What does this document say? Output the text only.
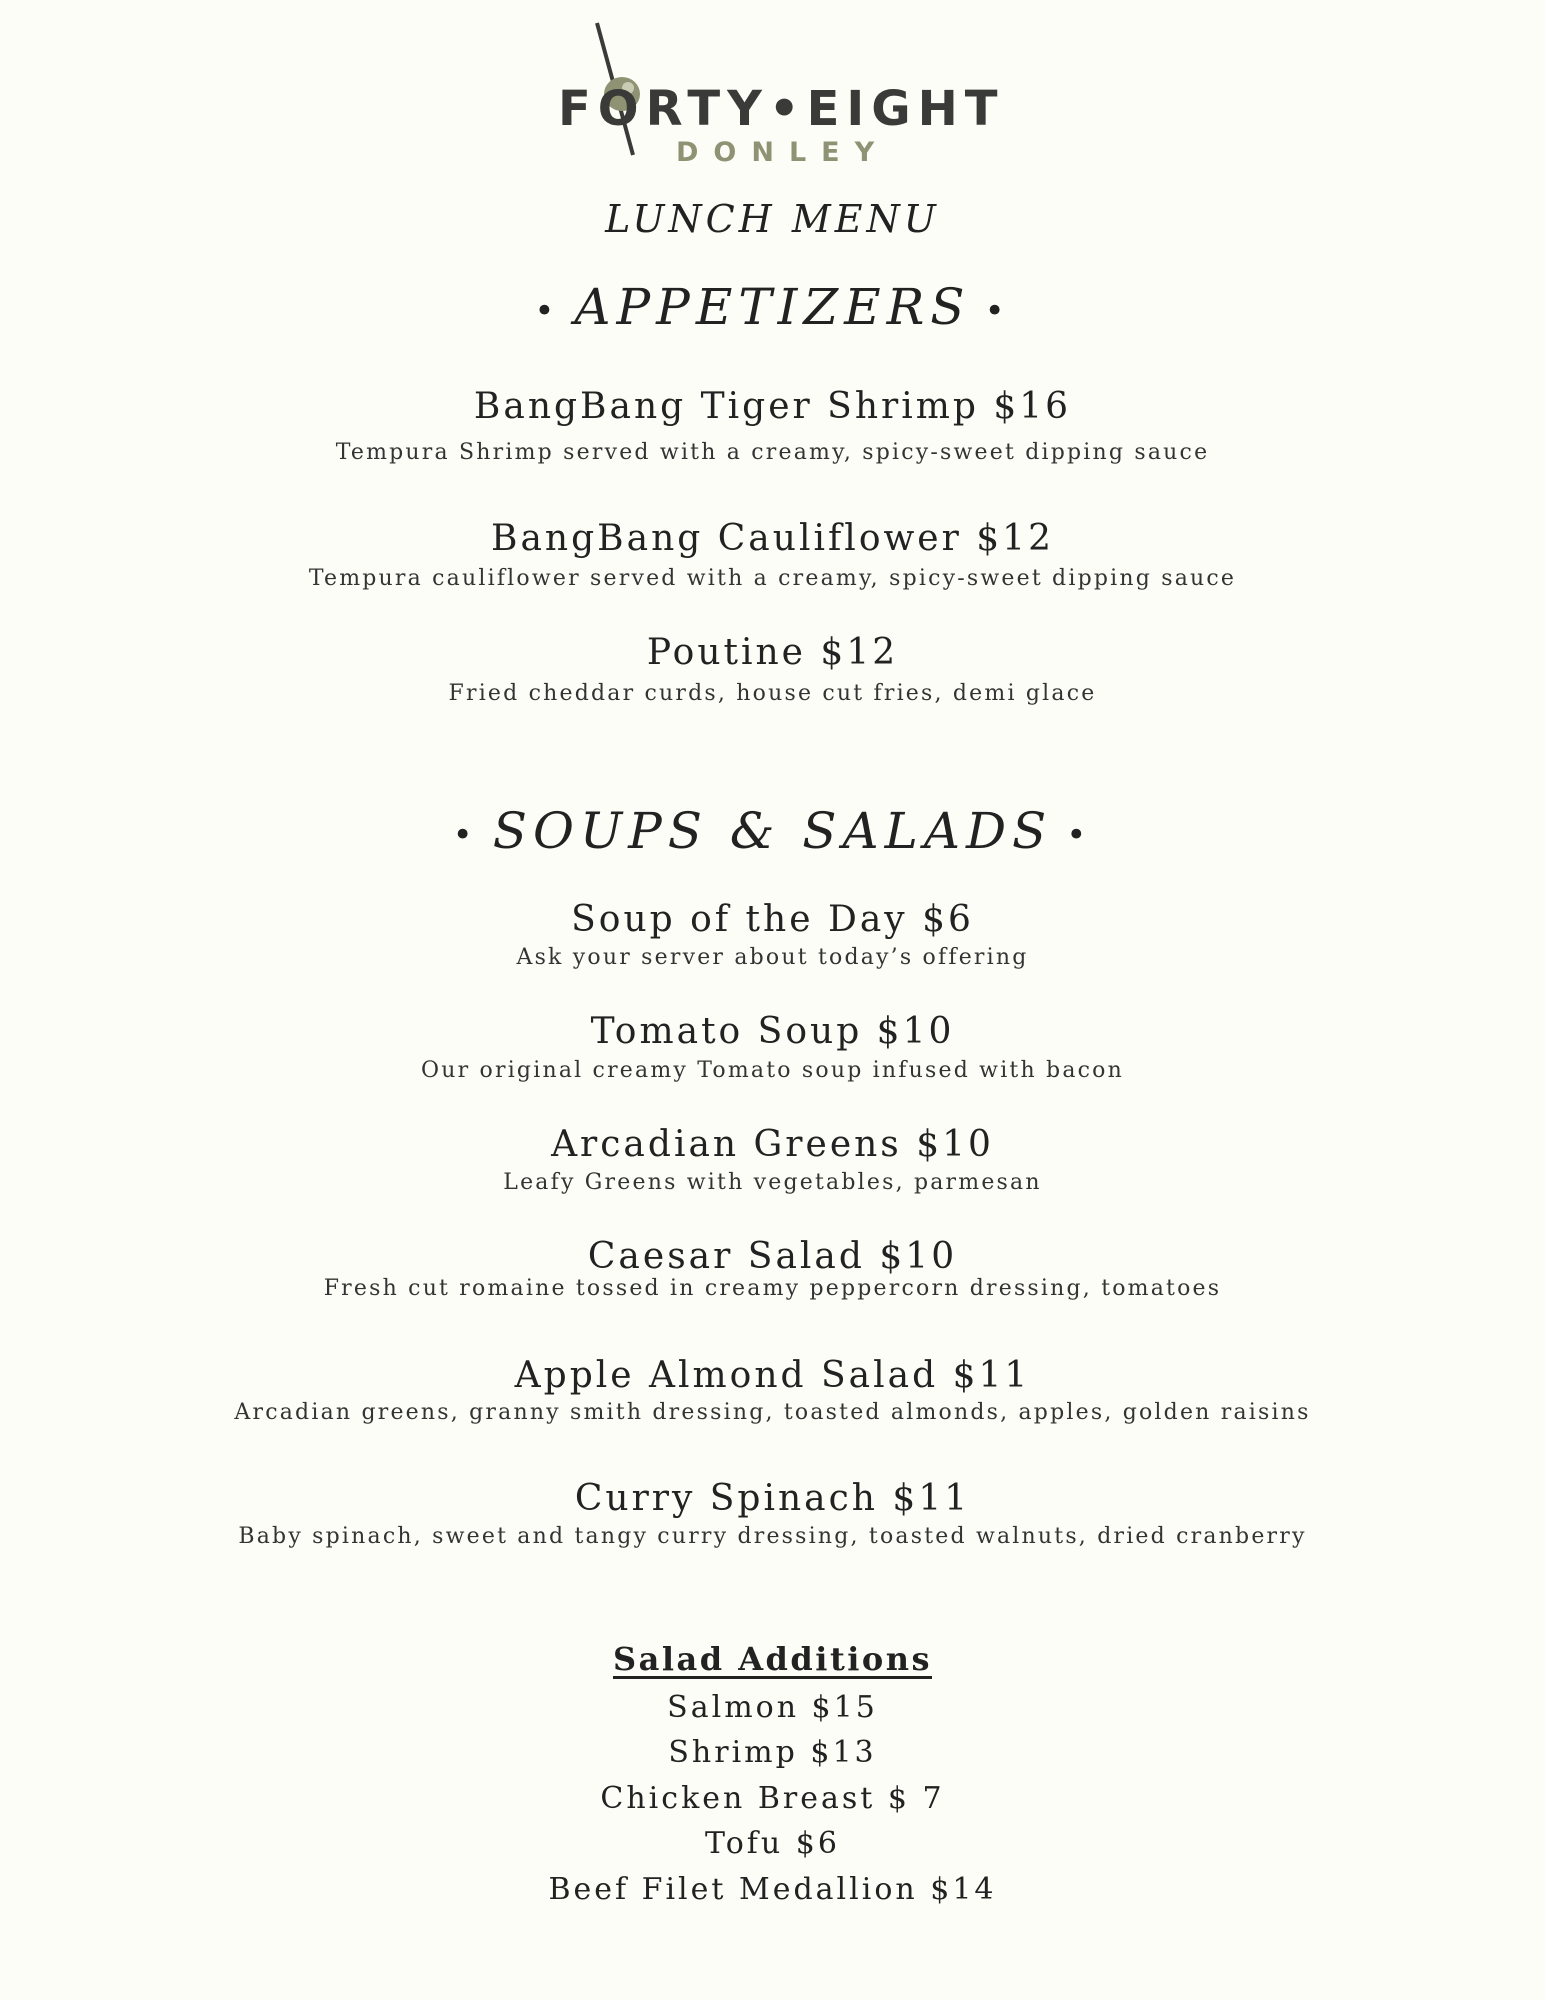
FORTY•EIGHT
DONLEY
LUNCH MENU
• APPETIZERS •
BangBang Tiger Shrimp $16
Tempura Shrimp served with a creamy, spicy-sweet dipping sauce
BangBang Cauliflower $12
Tempura cauliflower served with a creamy, spicy-sweet dipping sauce
Poutine $12
Fried cheddar curds, house cut fries, demi glace
• SOUPS & SALADS •
Soup of the Day $6
Ask your server about today’s offering
Tomato Soup $10
Our original creamy Tomato soup infused with bacon
Arcadian Greens $10
Leafy Greens with vegetables, parmesan
Caesar Salad $10
Fresh cut romaine tossed in creamy peppercorn dressing, tomatoes
Apple Almond Salad $11
Arcadian greens, granny smith dressing, toasted almonds, apples, golden raisins
Curry Spinach $11
Baby spinach, sweet and tangy curry dressing, toasted walnuts, dried cranberry
Salad Additions
Salmon $15
Shrimp $13
Chicken Breast $ 7
Tofu $6
Beef Filet Medallion $14
